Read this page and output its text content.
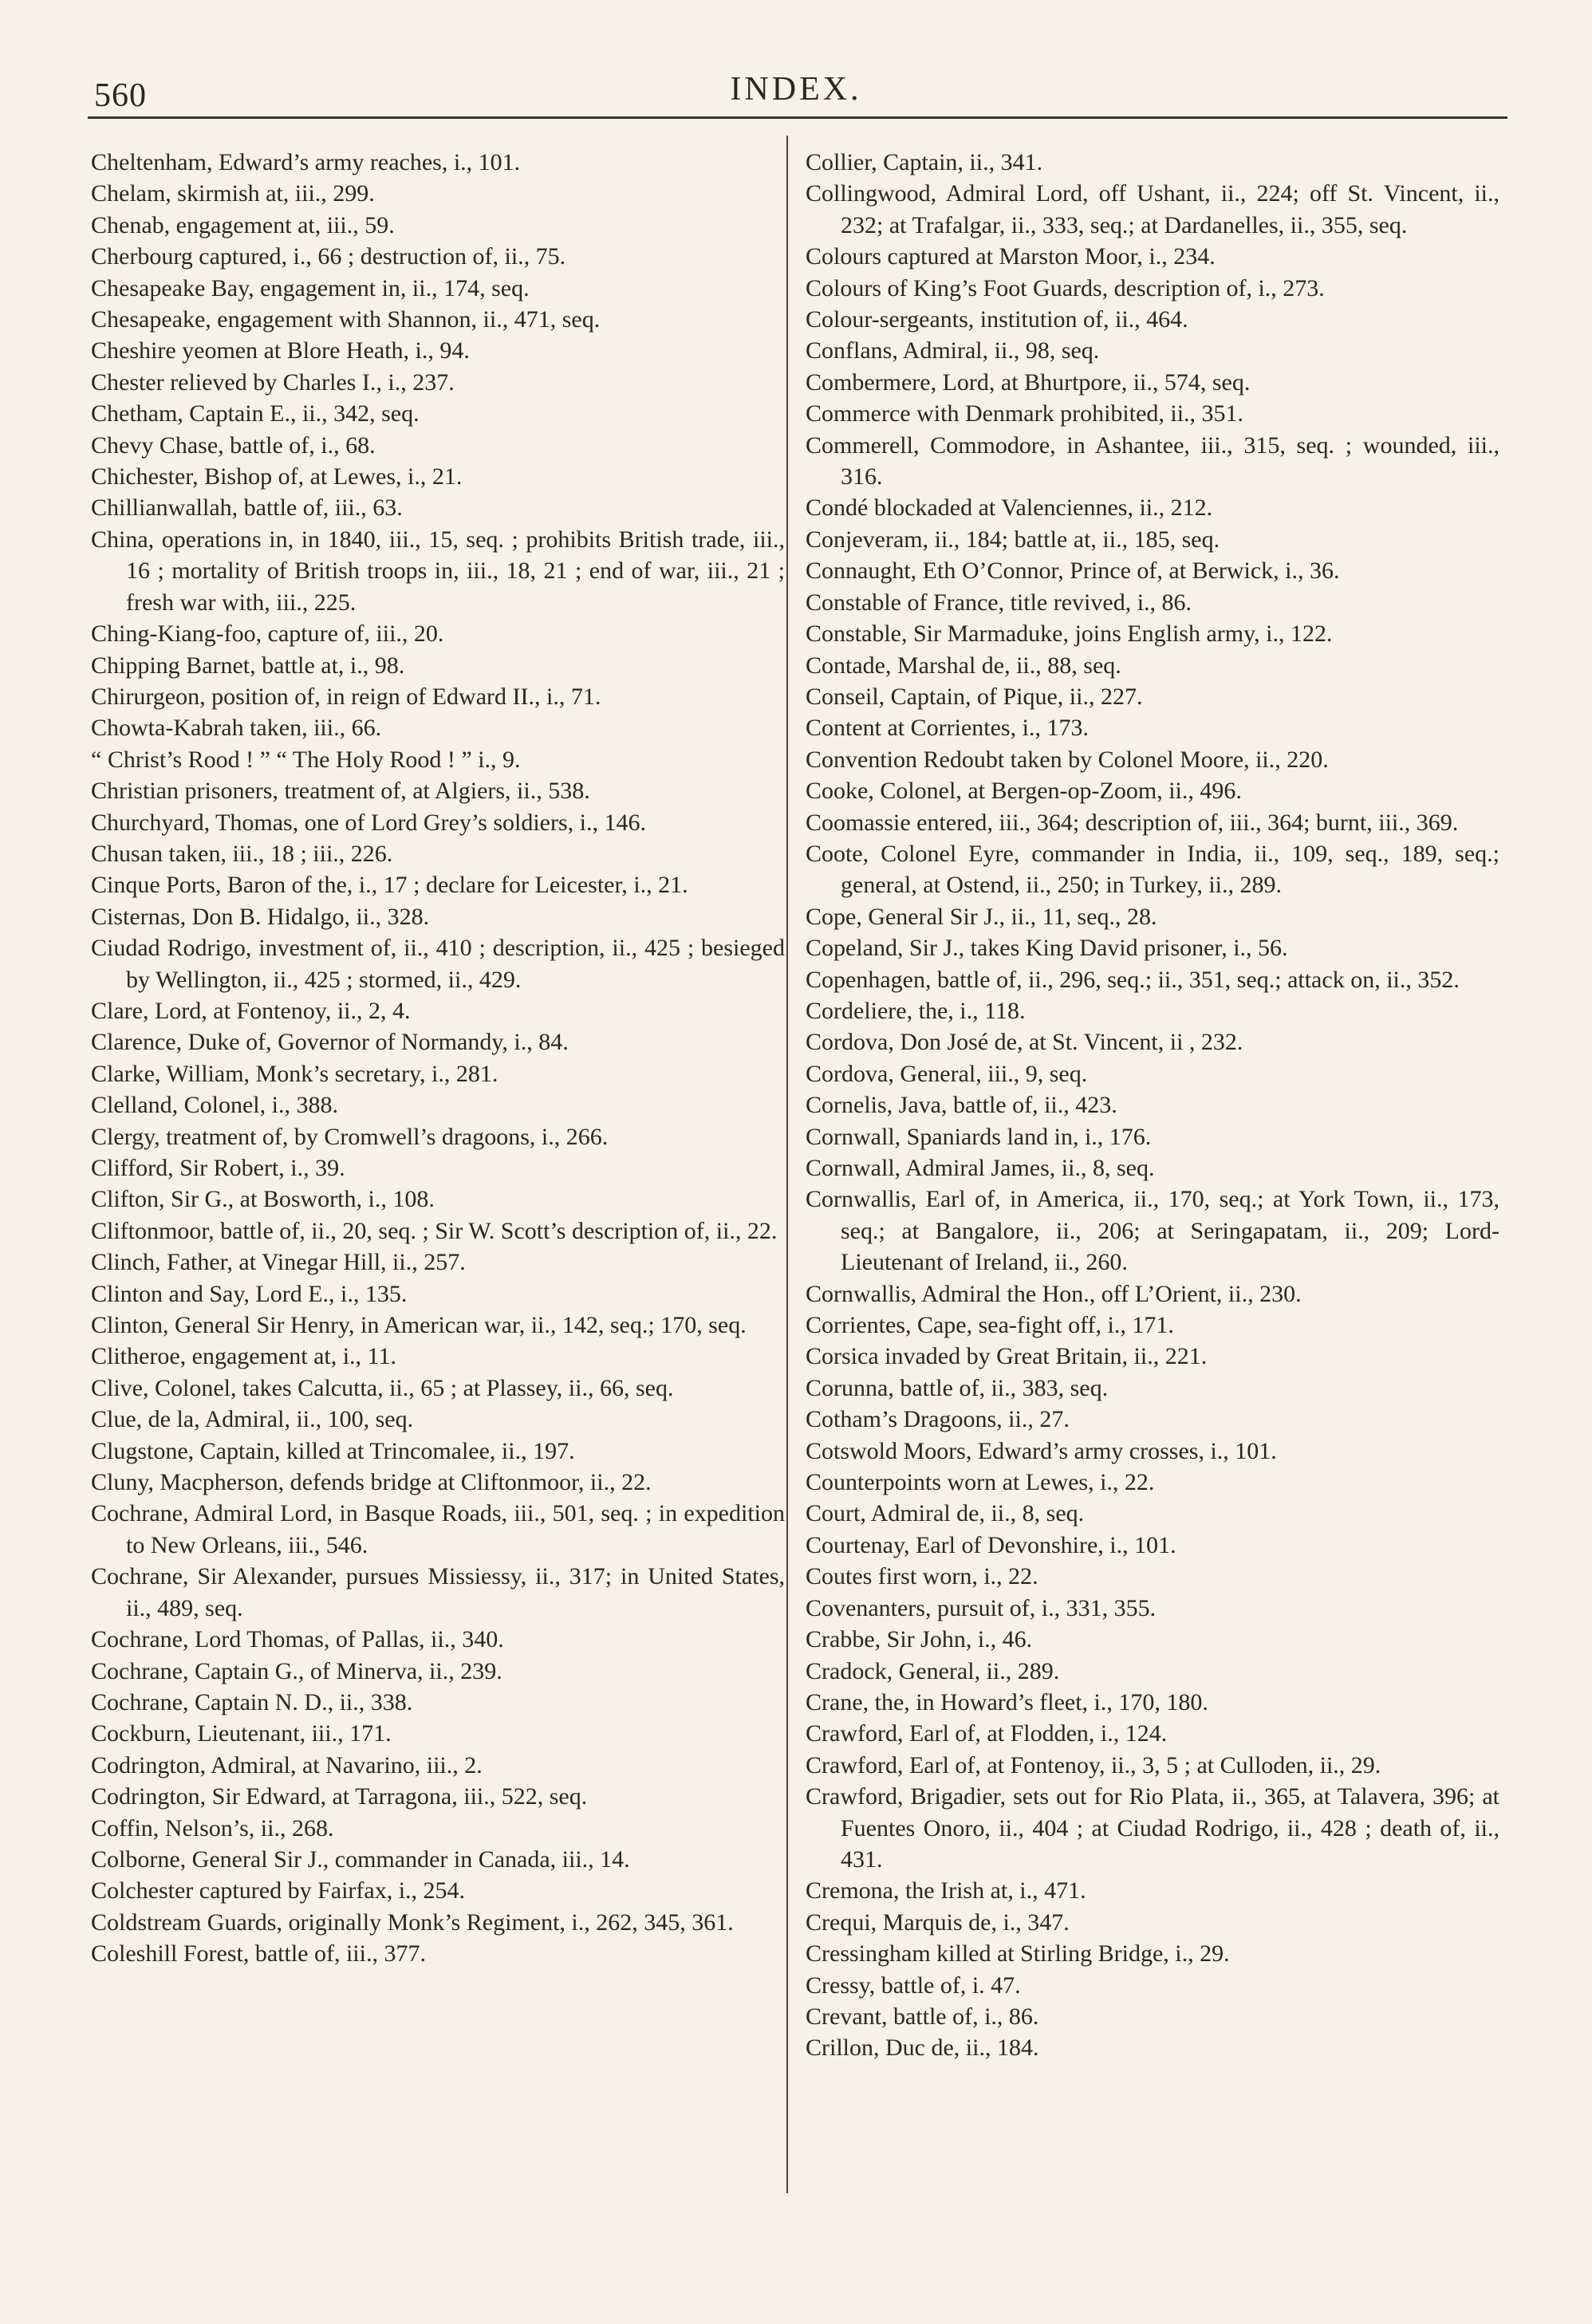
560	INDEX.

Cheltenham, Edward’s army reaches, i., 101.

Chelam, skirmish at, iii., 299.

Chenab, engagement at, iii., 59.

Cherbourg captured, i., 66 ; destruction of, ii., 75.

Chesapeake Bay, engagement in, ii., 174, seq.

Chesapeake, engagement with Shannon, ii., 471, seq.

Cheshire yeomen at Blore Heath, i., 94.

Chester relieved by Charles I., i., 237.

Chetham, Captain E., ii., 342, seq.

Chevy Chase, battle of, i., 68.

Chichester, Bishop of, at Lewes, i., 21.

Chillianwallah, battle of, iii., 63.

China, operations in, in 1840, iii., 15, seq. ; prohibits British trade, iii., 16 ; mortality of British troops in, iii., 18, 21 ; end of war, iii., 21 ; fresh war with, iii., 225.

Ching-Kiang-foo, capture of, iii., 20.

Chipping Barnet, battle at, i., 98.

Chirurgeon, position of, in reign of Edward II., i., 71.

Chowta-Kabrah taken, iii., 66.

“ Christ’s Rood ! ” “ The Holy Rood ! ” i., 9.

Christian prisoners, treatment of, at Algiers, ii., 538.

Churchyard, Thomas, one of Lord Grey’s soldiers, i., 146.

Chusan taken, iii., 18 ; iii., 226.

Cinque Ports, Baron of the, i., 17 ; declare for Leicester, i., 21.

Cisternas, Don B. Hidalgo, ii., 328.

Ciudad Rodrigo, investment of, ii., 410 ; description, ii., 425 ; besieged by Wellington, ii., 425 ; stormed, ii., 429.

Clare, Lord, at Fontenoy, ii., 2, 4.

Clarence, Duke of, Governor of Normandy, i., 84.

Clarke, William, Monk’s secretary, i., 281.

Clelland, Colonel, i., 388.

Clergy, treatment of, by Cromwell’s dragoons, i., 266.

Clifford, Sir Robert, i., 39.

Clifton, Sir G., at Bosworth, i., 108.

Cliftonmoor, battle of, ii., 20, seq. ; Sir W. Scott’s description of, ii., 22.

Clinch, Father, at Vinegar Hill, ii., 257.

Clinton and Say, Lord E., i., 135.

Clinton, General Sir Henry, in American war, ii., 142, seq.; 170, seq.

Clitheroe, engagement at, i., 11.

Clive, Colonel, takes Calcutta, ii., 65 ; at Plassey, ii., 66, seq.

Clue, de la, Admiral, ii., 100, seq.

Clugstone, Captain, killed at Trincomalee, ii., 197.

Cluny, Macpherson, defends bridge at Cliftonmoor, ii., 22.

Cochrane, Admiral Lord, in Basque Roads, iii., 501, seq. ; in expedition to New Orleans, iii., 546.

Cochrane, Sir Alexander, pursues Missiessy, ii., 317; in United States, ii., 489, seq.

Cochrane, Lord Thomas, of Pallas, ii., 340.

Cochrane, Captain G., of Minerva, ii., 239.

Cochrane, Captain N. D., ii., 338.

Cockburn, Lieutenant, iii., 171.

Codrington, Admiral, at Navarino, iii., 2.

Codrington, Sir Edward, at Tarragona, iii., 522, seq.

Coffin, Nelson’s, ii., 268.

Colborne, General Sir J., commander in Canada, iii., 14.

Colchester captured by Fairfax, i., 254.

Coldstream Guards, originally Monk’s Regiment, i., 262, 345, 361.

Coleshill Forest, battle of, iii., 377.

Collier, Captain, ii., 341.

Collingwood, Admiral Lord, off Ushant, ii., 224; off St. Vincent, ii., 232; at Trafalgar, ii., 333, seq.; at Dardanelles, ii., 355, seq.

Colours captured at Marston Moor, i., 234.

Colours of King’s Foot Guards, description of, i., 273.

Colour-sergeants, institution of, ii., 464.

Conflans, Admiral, ii., 98, seq.

Combermere, Lord, at Bhurtpore, ii., 574, seq.

Commerce with Denmark prohibited, ii., 351.

Commerell, Commodore, in Ashantee, iii., 315, seq. ; wounded, iii., 316.

Condé blockaded at Valenciennes, ii., 212.

Conjeveram, ii., 184; battle at, ii., 185, seq.

Connaught, Eth O’Connor, Prince of, at Berwick, i., 36.

Constable of France, title revived, i., 86.

Constable, Sir Marmaduke, joins English army, i., 122.

Contade, Marshal de, ii., 88, seq.

Conseil, Captain, of Pique, ii., 227.

Content at Corrientes, i., 173.

Convention Redoubt taken by Colonel Moore, ii., 220.

Cooke, Colonel, at Bergen-op-Zoom, ii., 496.

Coomassie entered, iii., 364; description of, iii., 364; burnt, iii., 369.

Coote, Colonel Eyre, commander in India, ii., 109, seq., 189, seq.; general, at Ostend, ii., 250; in Turkey, ii., 289.

Cope, General Sir J., ii., 11, seq., 28.

Copeland, Sir J., takes King David prisoner, i., 56.

Copenhagen, battle of, ii., 296, seq.; ii., 351, seq.; attack on, ii., 352.

Cordeliere, the, i., 118.

Cordova, Don José de, at St. Vincent, ii , 232.

Cordova, General, iii., 9, seq.

Cornelis, Java, battle of, ii., 423.

Cornwall, Spaniards land in, i., 176.

Cornwall, Admiral James, ii., 8, seq.

Cornwallis, Earl of, in America, ii., 170, seq.; at York Town, ii., 173, seq.; at Bangalore, ii., 206; at Seringapatam, ii., 209; Lord-Lieutenant of Ireland, ii., 260.

Cornwallis, Admiral the Hon., off L’Orient, ii., 230.

Corrientes, Cape, sea-fight off, i., 171.

Corsica invaded by Great Britain, ii., 221.

Corunna, battle of, ii., 383, seq.

Cotham’s Dragoons, ii., 27.

Cotswold Moors, Edward’s army crosses, i., 101.

Counterpoints worn at Lewes, i., 22.

Court, Admiral de, ii., 8, seq.

Courtenay, Earl of Devonshire, i., 101.

Coutes first worn, i., 22.

Covenanters, pursuit of, i., 331, 355.

Crabbe, Sir John, i., 46.

Cradock, General, ii., 289.

Crane, the, in Howard’s fleet, i., 170, 180.

Crawford, Earl of, at Flodden, i., 124.

Crawford, Earl of, at Fontenoy, ii., 3, 5 ; at Culloden, ii., 29.

Crawford, Brigadier, sets out for Rio Plata, ii., 365, at Talavera, 396; at Fuentes Onoro, ii., 404 ; at Ciudad Rodrigo, ii., 428 ; death of, ii., 431.

Cremona, the Irish at, i., 471.

Crequi, Marquis de, i., 347.

Cressingham killed at Stirling Bridge, i., 29.

Cressy, battle of, i. 47.

Crevant, battle of, i., 86.

Crillon, Duc de, ii., 184.
